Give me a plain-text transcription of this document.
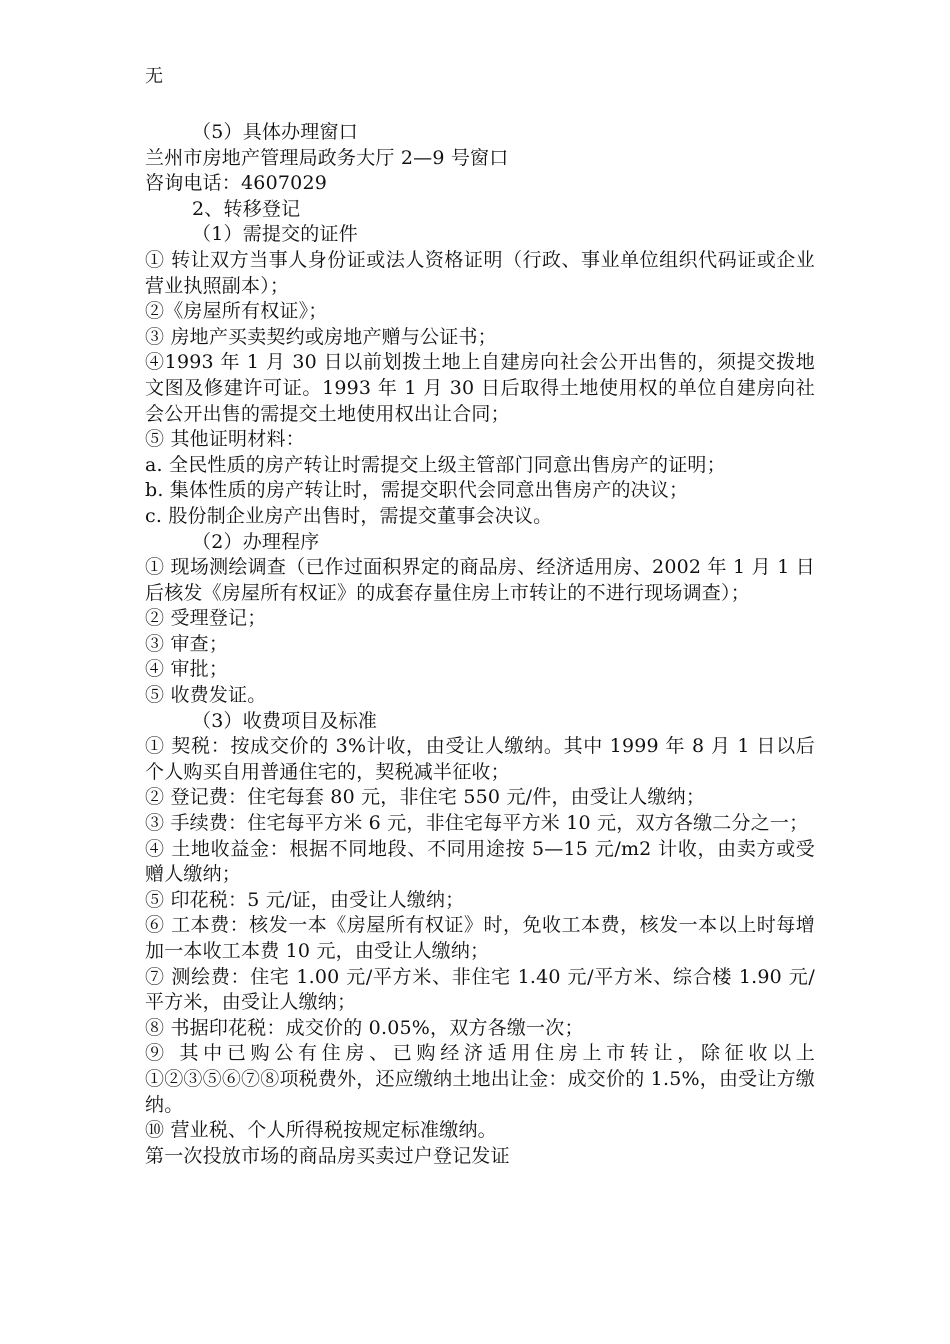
无

（5）具体办理窗口

兰州市房地产管理局政务大厅 2—9 号窗口

咨询电话：4607029

2、转移登记

（1）需提交的证件

① 转让双方当事人身份证或法人资格证明（行政、事业单位组织代码证或企业营业执照副本）；

②《房屋所有权证》；

③ 房地产买卖契约或房地产赠与公证书；

④1993 年 1 月 30 日以前划拨土地上自建房向社会公开出售的，须提交拨地文图及修建许可证。1993 年 1 月 30 日后取得土地使用权的单位自建房向社会公开出售的需提交土地使用权出让合同；

⑤ 其他证明材料：

a. 全民性质的房产转让时需提交上级主管部门同意出售房产的证明；

b. 集体性质的房产转让时，需提交职代会同意出售房产的决议；

c. 股份制企业房产出售时，需提交董事会决议。

（2）办理程序

① 现场测绘调查（已作过面积界定的商品房、经济适用房、2002 年 1 月 1 日后核发《房屋所有权证》的成套存量住房上市转让的不进行现场调查）；

② 受理登记；

③ 审查；

④ 审批；

⑤ 收费发证。

（3）收费项目及标准

① 契税：按成交价的 3%计收，由受让人缴纳。其中 1999 年 8 月 1 日以后个人购买自用普通住宅的，契税减半征收；

② 登记费：住宅每套 80 元，非住宅 550 元/件，由受让人缴纳；

③ 手续费：住宅每平方米 6 元，非住宅每平方米 10 元，双方各缴二分之一；

④ 土地收益金：根据不同地段、不同用途按 5—15 元/m2 计收，由卖方或受赠人缴纳；

⑤ 印花税：5 元/证，由受让人缴纳；

⑥ 工本费：核发一本《房屋所有权证》时，免收工本费，核发一本以上时每增加一本收工本费 10 元，由受让人缴纳；

⑦ 测绘费：住宅 1.00 元/平方米、非住宅 1.40 元/平方米、综合楼 1.90 元/平方米，由受让人缴纳；

⑧ 书据印花税：成交价的 0.05%，双方各缴一次；

⑨ 其中已购公有住房、已购经济适用住房上市转让，除征收以上①②③⑤⑥⑦⑧项税费外，还应缴纳土地出让金：成交价的 1.5%，由受让方缴纳。

⑩ 营业税、个人所得税按规定标准缴纳。

第一次投放市场的商品房买卖过户登记发证
